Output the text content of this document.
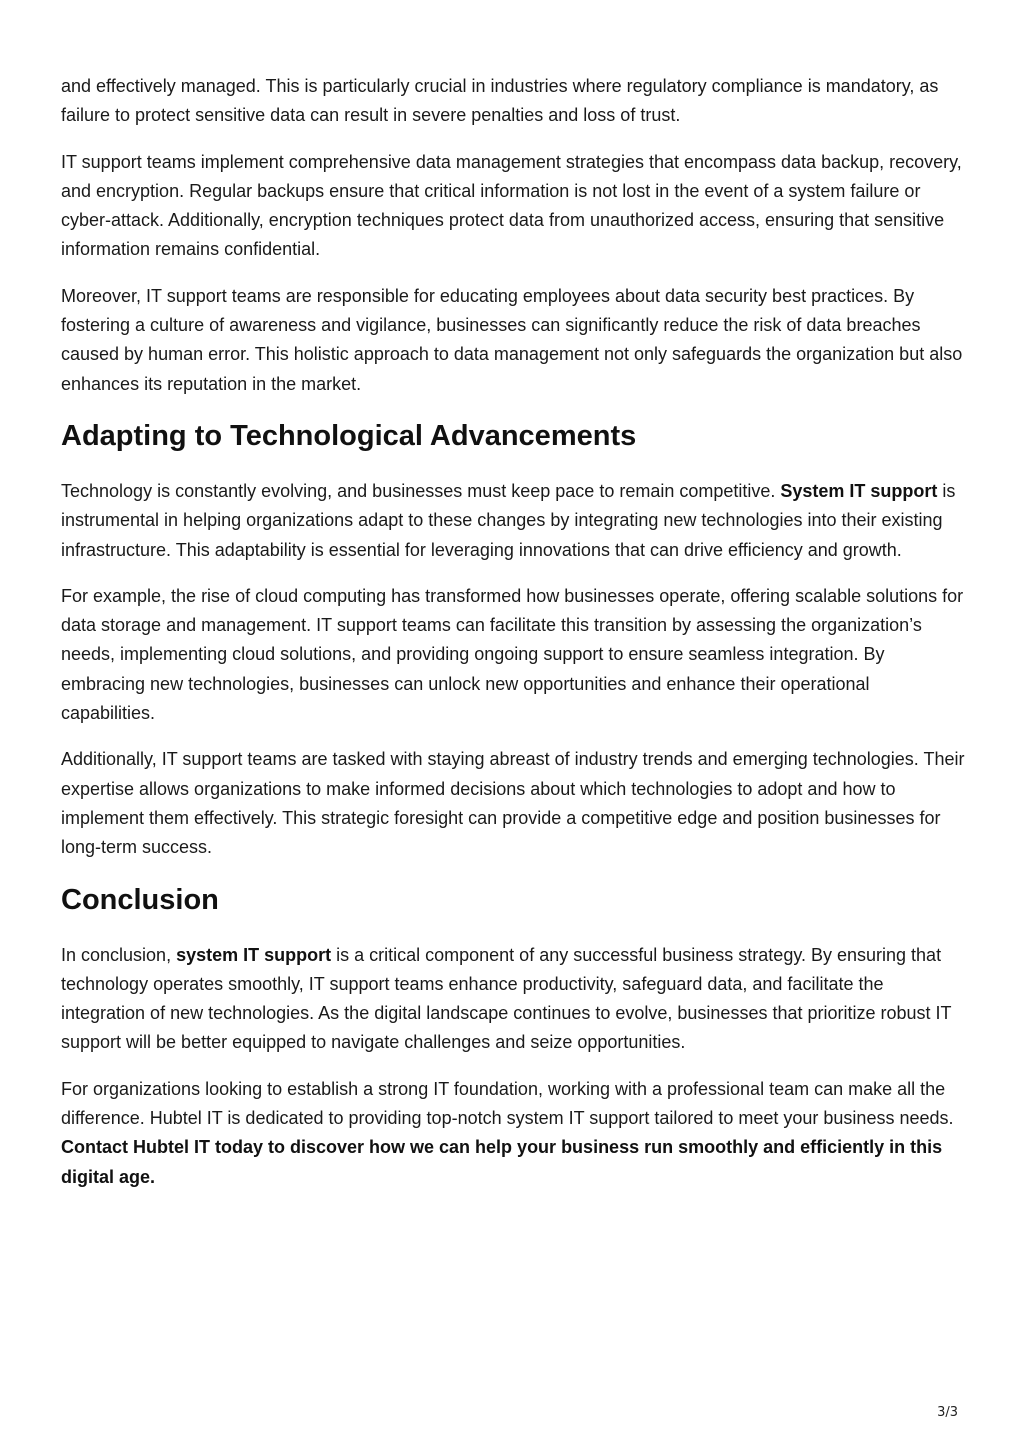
and effectively managed. This is particularly crucial in industries where regulatory compliance is mandatory, as failure to protect sensitive data can result in severe penalties and loss of trust.

IT support teams implement comprehensive data management strategies that encompass data backup, recovery, and encryption. Regular backups ensure that critical information is not lost in the event of a system failure or cyber-attack. Additionally, encryption techniques protect data from unauthorized access, ensuring that sensitive information remains confidential.

Moreover, IT support teams are responsible for educating employees about data security best practices. By fostering a culture of awareness and vigilance, businesses can significantly reduce the risk of data breaches caused by human error. This holistic approach to data management not only safeguards the organization but also enhances its reputation in the market.

Adapting to Technological Advancements

Technology is constantly evolving, and businesses must keep pace to remain competitive. System IT support is instrumental in helping organizations adapt to these changes by integrating new technologies into their existing infrastructure. This adaptability is essential for leveraging innovations that can drive efficiency and growth.

For example, the rise of cloud computing has transformed how businesses operate, offering scalable solutions for data storage and management. IT support teams can facilitate this transition by assessing the organization’s needs, implementing cloud solutions, and providing ongoing support to ensure seamless integration. By embracing new technologies, businesses can unlock new opportunities and enhance their operational capabilities.

Additionally, IT support teams are tasked with staying abreast of industry trends and emerging technologies. Their expertise allows organizations to make informed decisions about which technologies to adopt and how to implement them effectively. This strategic foresight can provide a competitive edge and position businesses for long-term success.

Conclusion

In conclusion, system IT support is a critical component of any successful business strategy. By ensuring that technology operates smoothly, IT support teams enhance productivity, safeguard data, and facilitate the integration of new technologies. As the digital landscape continues to evolve, businesses that prioritize robust IT support will be better equipped to navigate challenges and seize opportunities.

For organizations looking to establish a strong IT foundation, working with a professional team can make all the difference. Hubtel IT is dedicated to providing top-notch system IT support tailored to meet your business needs. Contact Hubtel IT today to discover how we can help your business run smoothly and efficiently in this digital age.

3/3
